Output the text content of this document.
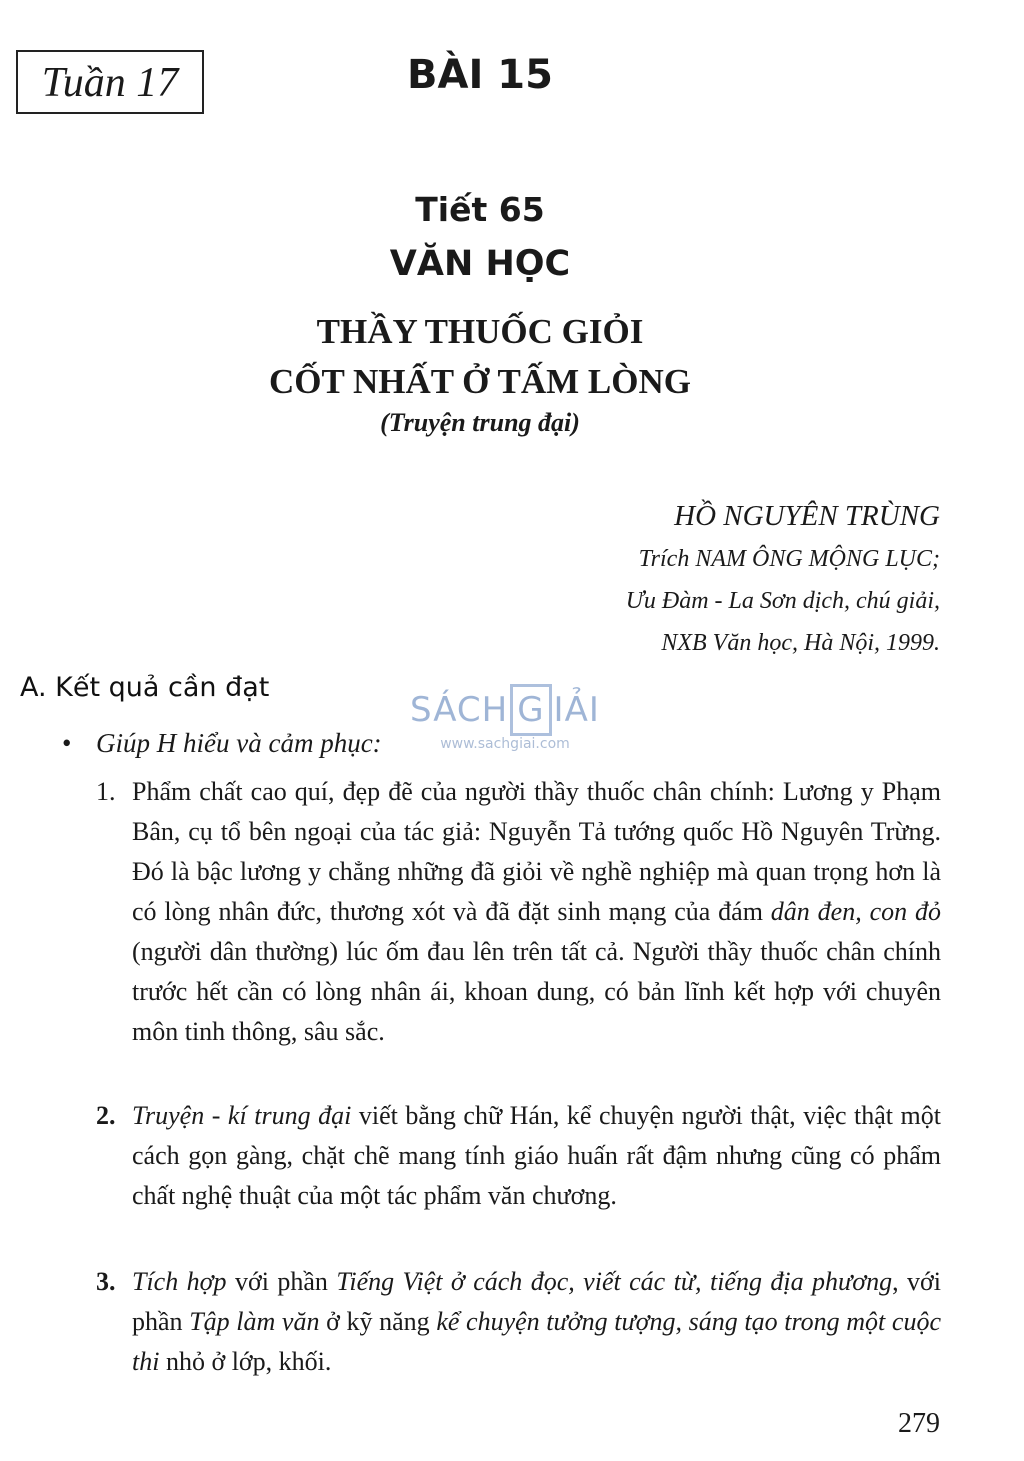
Tuần 17	BÀI 15
Tiết 65
VĂN HỌC
THẦY THUỐC GIỎI
CỐT NHẤT Ở TẤM LÒNG
(Truyện trung đại)
HỒ NGUYÊN TRÙNG
Trích NAM ÔNG MỘNG LỤC;
Ưu Đàm - La Sơn dịch, chú giải,
NXB Văn học, Hà Nội, 1999.
A. Kết quả cần đạt
SÁCH G IẢI
www.sachgiai.com
• Giúp H hiểu và cảm phục:
1. Phẩm chất cao quí, đẹp đẽ của người thầy thuốc chân chính: Lương y Phạm Bân, cụ tổ bên ngoại của tác giả: Nguyễn Tả tướng quốc Hồ Nguyên Trừng. Đó là bậc lương y chẳng những đã giỏi về nghề nghiệp mà quan trọng hơn là có lòng nhân đức, thương xót và đã đặt sinh mạng của đám dân đen, con đỏ (người dân thường) lúc ốm đau lên trên tất cả. Người thầy thuốc chân chính trước hết cần có lòng nhân ái, khoan dung, có bản lĩnh kết hợp với chuyên môn tinh thông, sâu sắc.
2. Truyện - kí trung đại viết bằng chữ Hán, kể chuyện người thật, việc thật một cách gọn gàng, chặt chẽ mang tính giáo huấn rất đậm nhưng cũng có phẩm chất nghệ thuật của một tác phẩm văn chương.
3. Tích hợp với phần Tiếng Việt ở cách đọc, viết các từ, tiếng địa phương, với phần Tập làm văn ở kỹ năng kể chuyện tưởng tượng, sáng tạo trong một cuộc thi nhỏ ở lớp, khối.
279
